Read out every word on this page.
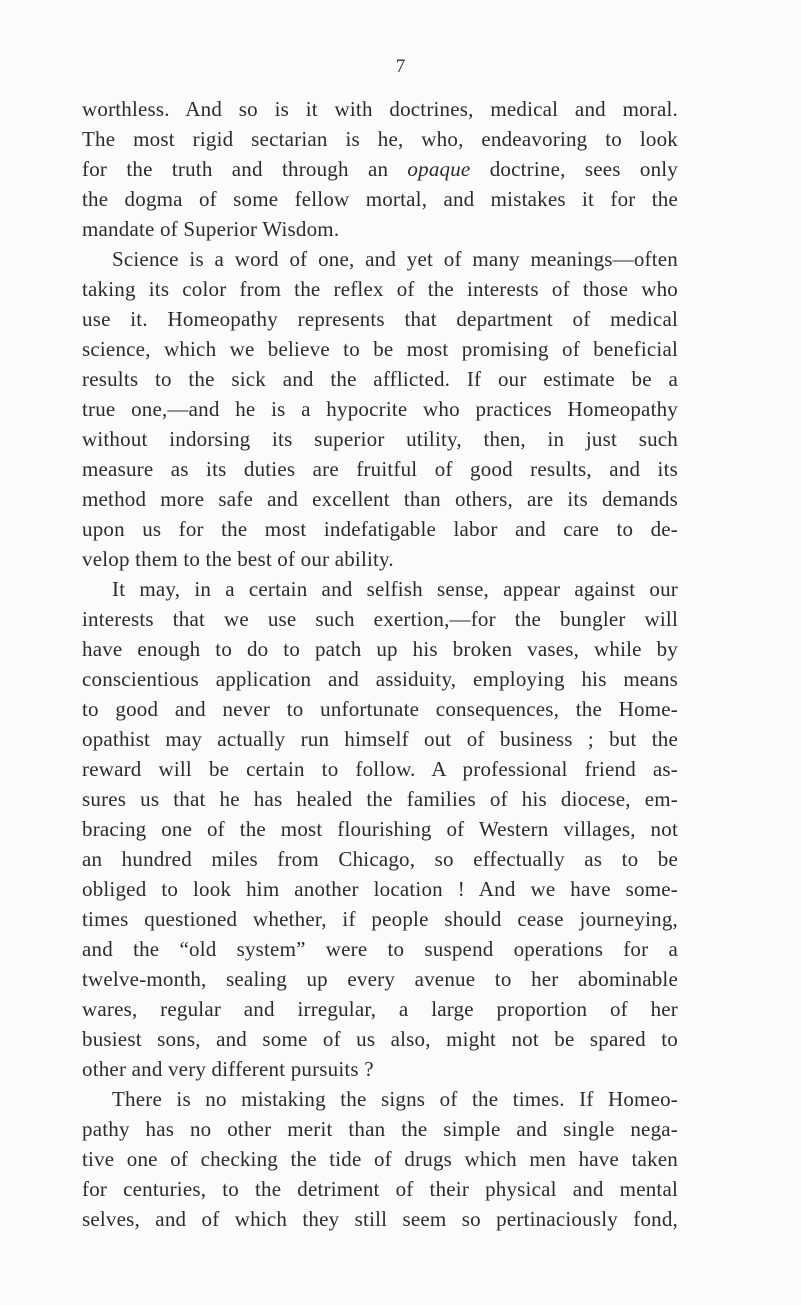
7
worthless. And so is it with doctrines, medical and moral.
The most rigid sectarian is he, who, endeavoring to look
for the truth and through an opaque doctrine, sees only
the dogma of some fellow mortal, and mistakes it for the
mandate of Superior Wisdom.
Science is a word of one, and yet of many meanings—often
taking its color from the reflex of the interests of those who
use it. Homeopathy represents that department of medical
science, which we believe to be most promising of beneficial
results to the sick and the afflicted. If our estimate be a
true one,—and he is a hypocrite who practices Homeopathy
without indorsing its superior utility, then, in just such
measure as its duties are fruitful of good results, and its
method more safe and excellent than others, are its demands
upon us for the most indefatigable labor and care to de-
velop them to the best of our ability.
It may, in a certain and selfish sense, appear against our
interests that we use such exertion,—for the bungler will
have enough to do to patch up his broken vases, while by
conscientious application and assiduity, employing his means
to good and never to unfortunate consequences, the Home-
opathist may actually run himself out of business ; but the
reward will be certain to follow. A professional friend as-
sures us that he has healed the families of his diocese, em-
bracing one of the most flourishing of Western villages, not
an hundred miles from Chicago, so effectually as to be
obliged to look him another location ! And we have some-
times questioned whether, if people should cease journeying,
and the “old system” were to suspend operations for a
twelve-month, sealing up every avenue to her abominable
wares, regular and irregular, a large proportion of her
busiest sons, and some of us also, might not be spared to
other and very different pursuits ?
There is no mistaking the signs of the times. If Homeo-
pathy has no other merit than the simple and single nega-
tive one of checking the tide of drugs which men have taken
for centuries, to the detriment of their physical and mental
selves, and of which they still seem so pertinaciously fond,
